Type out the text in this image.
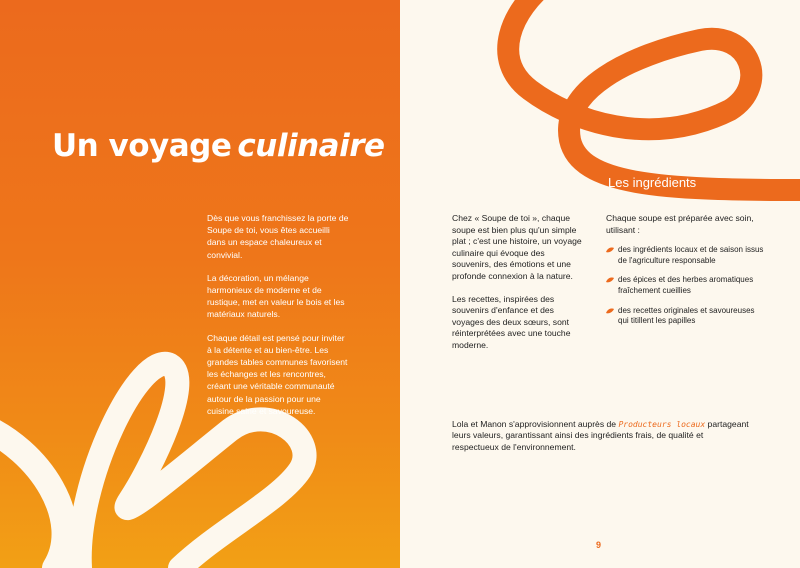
Un voyage culinaire

Dès que vous franchissez la porte de Soupe de toi, vous êtes accueilli dans un espace chaleureux et convivial.

La décoration, un mélange harmonieux de moderne et de rustique, met en valeur le bois et les matériaux naturels.

Chaque détail est pensé pour inviter à la détente et au bien-être. Les grandes tables communes favorisent les échanges et les rencontres, créant une véritable communauté autour de la passion pour une cuisine saine et savoureuse.

Les ingrédients

Chez « Soupe de toi », chaque soupe est bien plus qu'un simple plat ; c'est une histoire, un voyage culinaire qui évoque des souvenirs, des émotions et une profonde connexion à la nature.

Les recettes, inspirées des souvenirs d'enfance et des voyages des deux sœurs, sont réinterprétées avec une touche moderne.

Chaque soupe est préparée avec soin, utilisant :

des ingrédients locaux et de saison issus de l'agriculture responsable
des épices et des herbes aromatiques fraîchement cueillies
des recettes originales et savoureuses qui titillent les papilles

Lola et Manon s'approvisionnent auprès de Producteurs locaux partageant leurs valeurs, garantissant ainsi des ingrédients frais, de qualité et respectueux de l'environnement.

9
